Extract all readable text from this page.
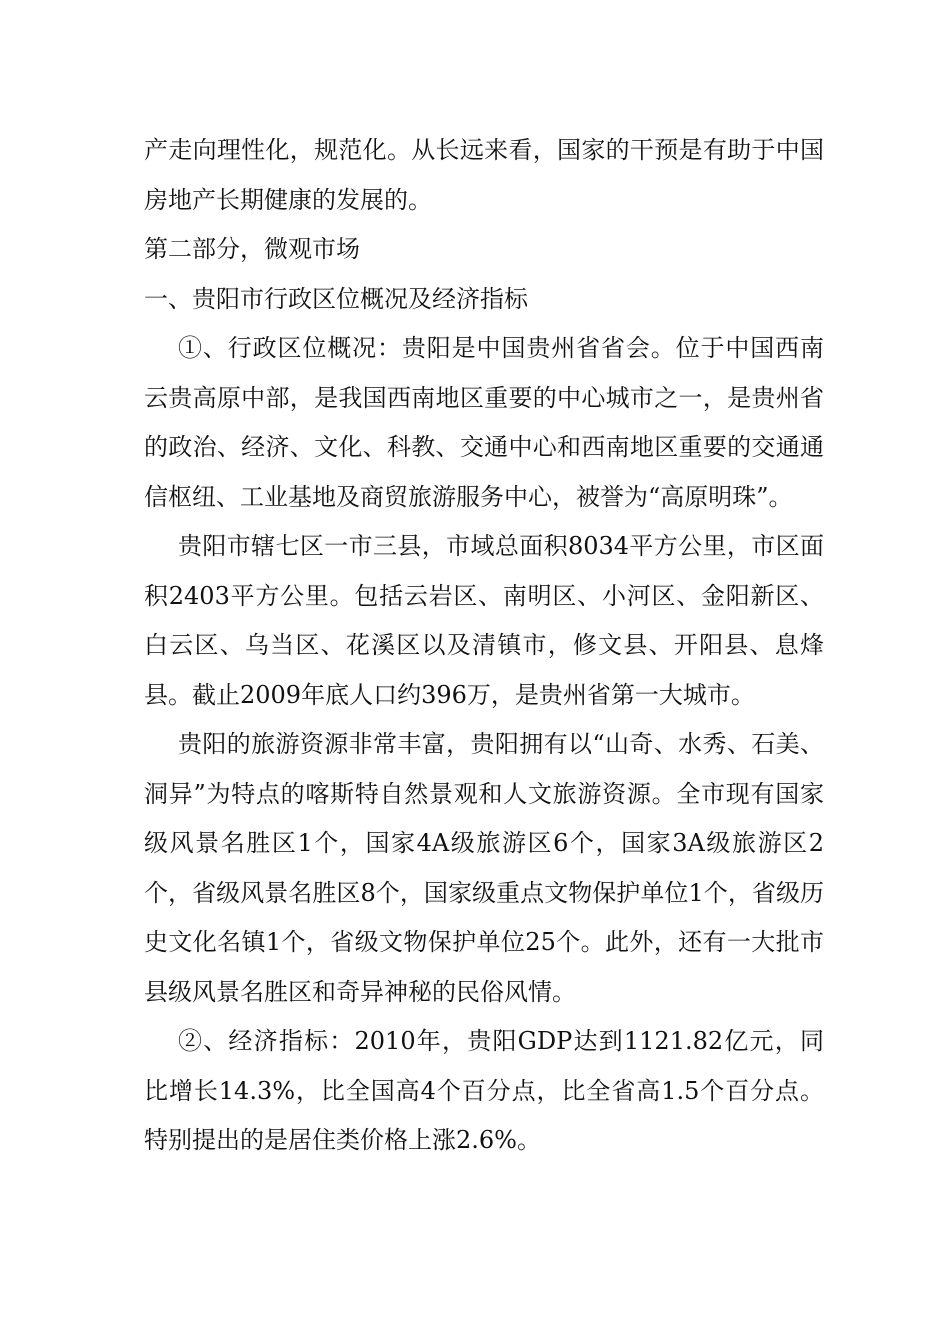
产走向理性化，规范化。从长远来看，国家的干预是有助于中国房地产长期健康的发展的。

第二部分，微观市场

一、贵阳市行政区位概况及经济指标

①、行政区位概况：贵阳是中国贵州省省会。位于中国西南云贵高原中部，是我国西南地区重要的中心城市之一，是贵州省的政治、经济、文化、科教、交通中心和西南地区重要的交通通信枢纽、工业基地及商贸旅游服务中心，被誉为“高原明珠”。

贵阳市辖七区一市三县，市域总面积8034平方公里，市区面积2403平方公里。包括云岩区、南明区、小河区、金阳新区、白云区、乌当区、花溪区以及清镇市，修文县、开阳县、息烽县。截止2009年底人口约396万，是贵州省第一大城市。

贵阳的旅游资源非常丰富，贵阳拥有以“山奇、水秀、石美、洞异”为特点的喀斯特自然景观和人文旅游资源。全市现有国家级风景名胜区1个，国家4A级旅游区6个，国家3A级旅游区2个，省级风景名胜区8个，国家级重点文物保护单位1个，省级历史文化名镇1个，省级文物保护单位25个。此外，还有一大批市县级风景名胜区和奇异神秘的民俗风情。

②、经济指标：2010年，贵阳GDP达到1121.82亿元，同比增长14.3%，比全国高4个百分点，比全省高1.5个百分点。特别提出的是居住类价格上涨2.6%。
